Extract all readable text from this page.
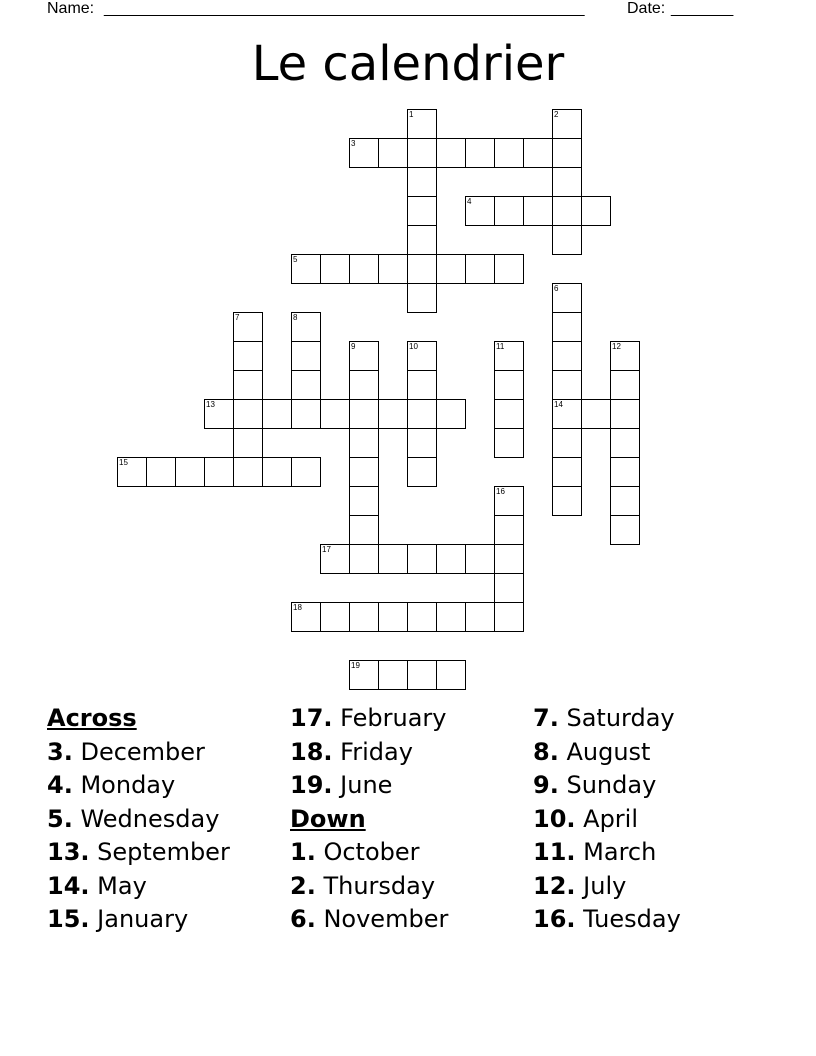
Name: ______________________________________________________	Date: _______
Le calendrier
1	2
3
4
5
6
14
7	8
9	10	11	12
13
15
16
17
18
19
Across
3. December
4. Monday
5. Wednesday
13. September
14. May
15. January
17. February
18. Friday
19. June
Down
1. October
2. Thursday
6. November
7. Saturday
8. August
9. Sunday
10. April
11. March
12. July
16. Tuesday
